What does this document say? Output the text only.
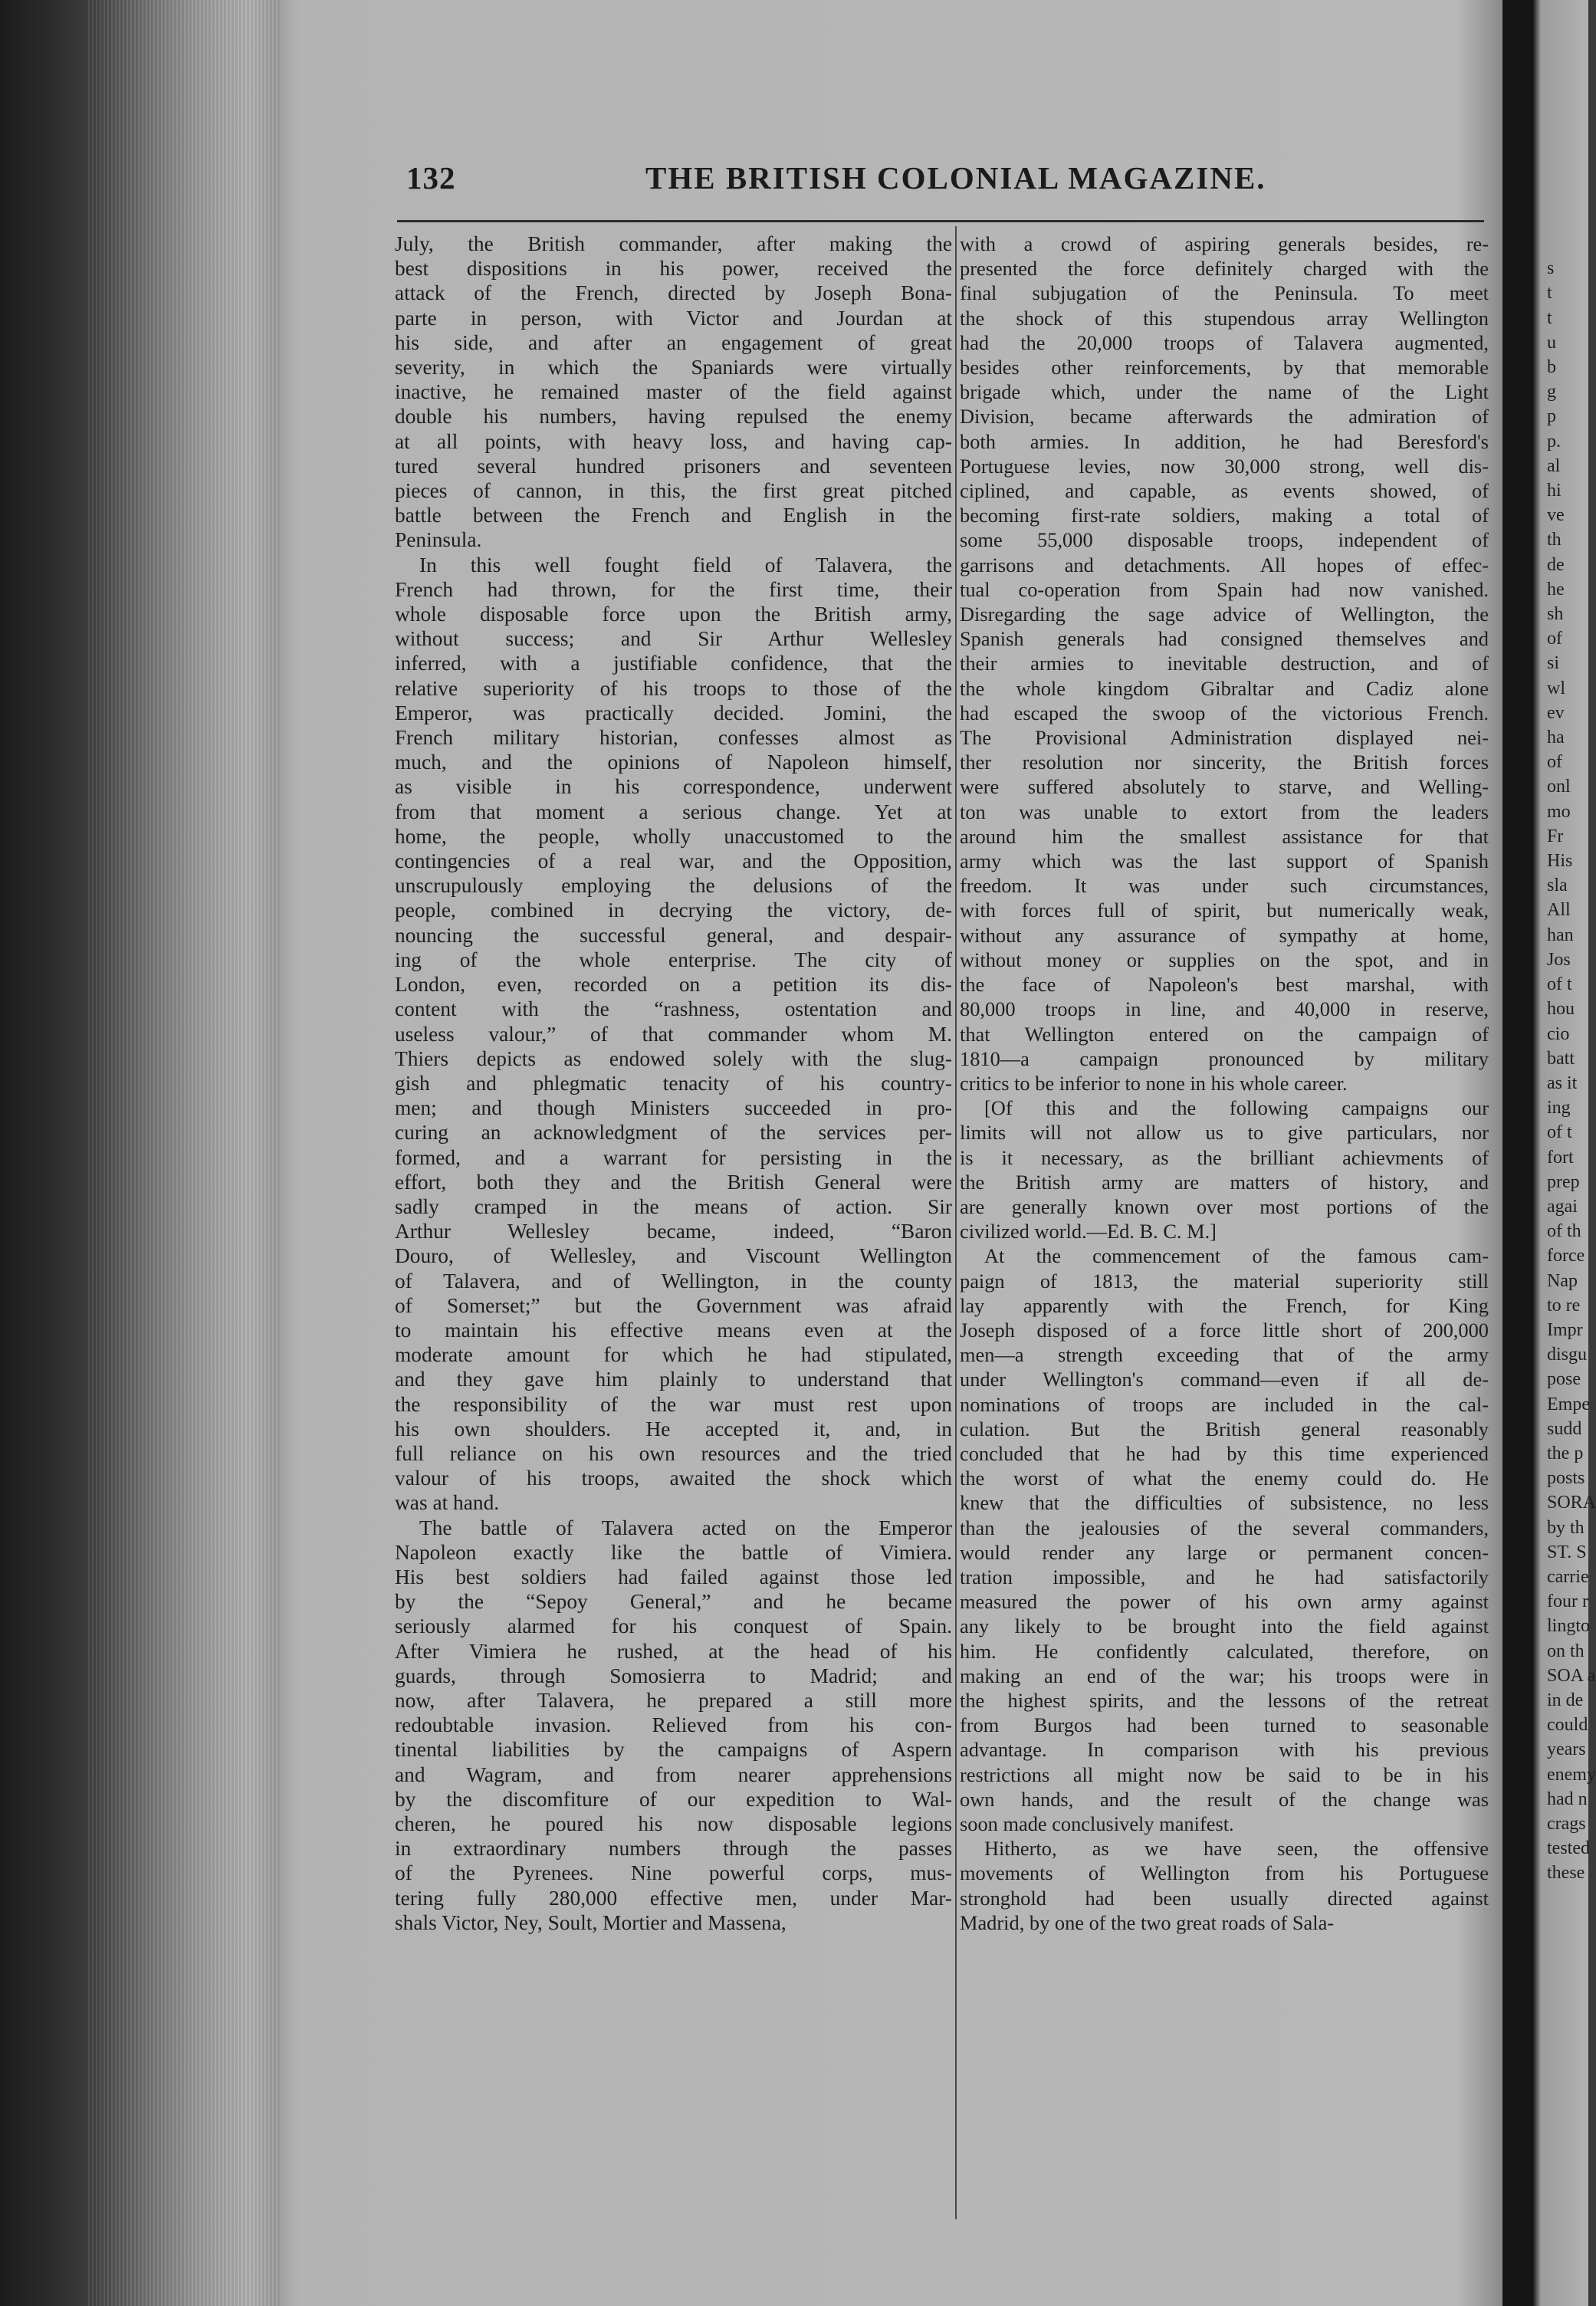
132	THE BRITISH COLONIAL MAGAZINE.
July, the British commander, after making the
best dispositions in his power, received the
attack of the French, directed by Joseph Bona-
parte in person, with Victor and Jourdan at
his side, and after an engagement of great
severity, in which the Spaniards were virtually
inactive, he remained master of the field against
double his numbers, having repulsed the enemy
at all points, with heavy loss, and having cap-
tured several hundred prisoners and seventeen
pieces of cannon, in this, the first great pitched
battle between the French and English in the
Peninsula.
In this well fought field of Talavera, the
French had thrown, for the first time, their
whole disposable force upon the British army,
without success; and Sir Arthur Wellesley
inferred, with a justifiable confidence, that the
relative superiority of his troops to those of the
Emperor, was practically decided. Jomini, the
French military historian, confesses almost as
much, and the opinions of Napoleon himself,
as visible in his correspondence, underwent
from that moment a serious change. Yet at
home, the people, wholly unaccustomed to the
contingencies of a real war, and the Opposition,
unscrupulously employing the delusions of the
people, combined in decrying the victory, de-
nouncing the successful general, and despair-
ing of the whole enterprise. The city of
London, even, recorded on a petition its dis-
content with the “rashness, ostentation and
useless valour,” of that commander whom M.
Thiers depicts as endowed solely with the slug-
gish and phlegmatic tenacity of his country-
men; and though Ministers succeeded in pro-
curing an acknowledgment of the services per-
formed, and a warrant for persisting in the
effort, both they and the British General were
sadly cramped in the means of action. Sir
Arthur Wellesley became, indeed, “Baron
Douro, of Wellesley, and Viscount Wellington
of Talavera, and of Wellington, in the county
of Somerset;” but the Government was afraid
to maintain his effective means even at the
moderate amount for which he had stipulated,
and they gave him plainly to understand that
the responsibility of the war must rest upon
his own shoulders. He accepted it, and, in
full reliance on his own resources and the tried
valour of his troops, awaited the shock which
was at hand.
The battle of Talavera acted on the Emperor
Napoleon exactly like the battle of Vimiera.
His best soldiers had failed against those led
by the “Sepoy General,” and he became
seriously alarmed for his conquest of Spain.
After Vimiera he rushed, at the head of his
guards, through Somosierra to Madrid; and
now, after Talavera, he prepared a still more
redoubtable invasion. Relieved from his con-
tinental liabilities by the campaigns of Aspern
and Wagram, and from nearer apprehensions
by the discomfiture of our expedition to Wal-
cheren, he poured his now disposable legions
in extraordinary numbers through the passes
of the Pyrenees. Nine powerful corps, mus-
tering fully 280,000 effective men, under Mar-
shals Victor, Ney, Soult, Mortier and Massena,
with a crowd of aspiring generals besides, re-
presented the force definitely charged with the
final subjugation of the Peninsula. To meet
the shock of this stupendous array Wellington
had the 20,000 troops of Talavera augmented,
besides other reinforcements, by that memorable
brigade which, under the name of the Light
Division, became afterwards the admiration of
both armies. In addition, he had Beresford's
Portuguese levies, now 30,000 strong, well dis-
ciplined, and capable, as events showed, of
becoming first-rate soldiers, making a total of
some 55,000 disposable troops, independent of
garrisons and detachments. All hopes of effec-
tual co-operation from Spain had now vanished.
Disregarding the sage advice of Wellington, the
Spanish generals had consigned themselves and
their armies to inevitable destruction, and of
the whole kingdom Gibraltar and Cadiz alone
had escaped the swoop of the victorious French.
The Provisional Administration displayed nei-
ther resolution nor sincerity, the British forces
were suffered absolutely to starve, and Welling-
ton was unable to extort from the leaders
around him the smallest assistance for that
army which was the last support of Spanish
freedom. It was under such circumstances,
with forces full of spirit, but numerically weak,
without any assurance of sympathy at home,
without money or supplies on the spot, and in
the face of Napoleon's best marshal, with
80,000 troops in line, and 40,000 in reserve,
that Wellington entered on the campaign of
1810—a campaign pronounced by military
critics to be inferior to none in his whole career.
[Of this and the following campaigns our
limits will not allow us to give particulars, nor
is it necessary, as the brilliant achievments of
the British army are matters of history, and
are generally known over most portions of the
civilized world.—Ed. B. C. M.]
At the commencement of the famous cam-
paign of 1813, the material superiority still
lay apparently with the French, for King
Joseph disposed of a force little short of 200,000
men—a strength exceeding that of the army
under Wellington's command—even if all de-
nominations of troops are included in the cal-
culation. But the British general reasonably
concluded that he had by this time experienced
the worst of what the enemy could do. He
knew that the difficulties of subsistence, no less
than the jealousies of the several commanders,
would render any large or permanent concen-
tration impossible, and he had satisfactorily
measured the power of his own army against
any likely to be brought into the field against
him. He confidently calculated, therefore, on
making an end of the war; his troops were in
the highest spirits, and the lessons of the retreat
from Burgos had been turned to seasonable
advantage. In comparison with his previous
restrictions all might now be said to be in his
own hands, and the result of the change was
soon made conclusively manifest.
Hitherto, as we have seen, the offensive
movements of Wellington from his Portuguese
stronghold had been usually directed against
Madrid, by one of the two great roads of Sala-

s
t
t
u
b
g
p
p.
al
hi
ve
th
de
he
sh
of
si
wl
ev
ha
of
onl
mo
Fr
His
sla
All
han
Jos
of t
hou
cio
batt
as it
ing
of t
fort
prep
agai
of th
force
Nap
to re
Impr
disgu
pose
Empe
sudd
the p
posts
SORA
by th
ST. S
carrie
four r
lingto
on th
SOA a
in de
could
years
enemy
had n
crags
tested
these
